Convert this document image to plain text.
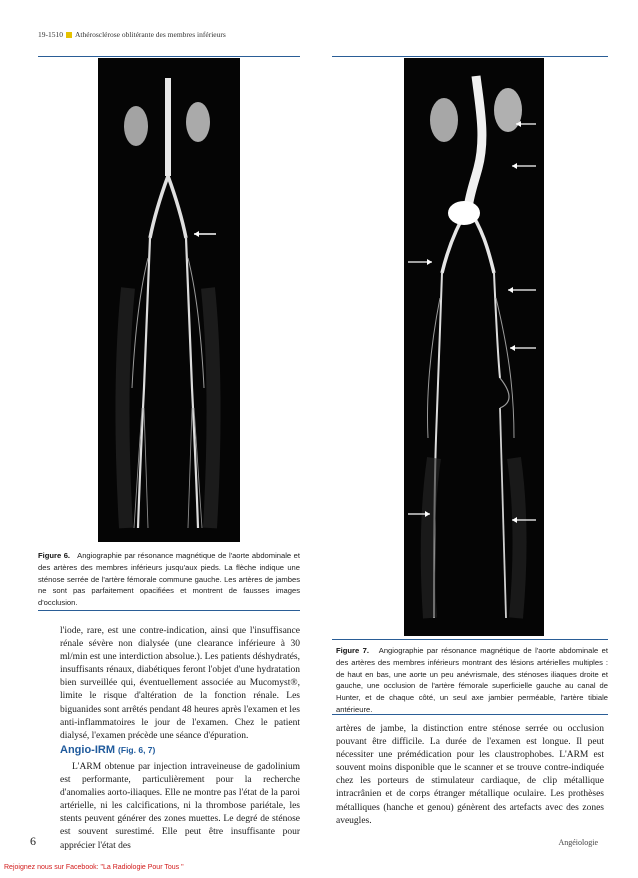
19-1510 Athérosclérose oblitérante des membres inférieurs
Figure 6. Angiographie par résonance magnétique de l'aorte abdominale et des artères des membres inférieurs jusqu'aux pieds. La flèche indique une sténose serrée de l'artère fémorale commune gauche. Les artères de jambes ne sont pas parfaitement opacifiées et montrent de fausses images d'occlusion.
Figure 7. Angiographie par résonance magnétique de l'aorte abdominale et des artères des membres inférieurs montrant des lésions artérielles multiples : de haut en bas, une aorte un peu anévrismale, des sténoses iliaques droite et gauche, une occlusion de l'artère fémorale superficielle gauche au canal de Hunter, et de chaque côté, un seul axe jambier perméable, l'artère tibiale antérieure.
l'iode, rare, est une contre-indication, ainsi que l'insuffisance rénale sévère non dialysée (une clearance inférieure à 30 ml/min est une interdiction absolue.). Les patients déshydratés, insuffisants rénaux, diabétiques feront l'objet d'une hydratation bien surveillée qui, éventuellement associée au Mucomyst®, limite le risque d'altération de la fonction rénale. Les biguanides sont arrêtés pendant 48 heures après l'examen et les anti-inflammatoires le jour de l'examen. Chez le patient dialysé, l'examen précède une séance d'épuration.
Angio-IRM (Fig. 6, 7)
L'ARM obtenue par injection intraveineuse de gadolinium est performante, particulièrement pour la recherche d'anomalies aorto-iliaques. Elle ne montre pas l'état de la paroi artérielle, ni les calcifications, ni la thrombose pariétale, les stents peuvent générer des zones muettes. Le degré de sténose est souvent surestimé. Elle peut être insuffisante pour apprécier l'état des
artères de jambe, la distinction entre sténose serrée ou occlusion pouvant être difficile. La durée de l'examen est longue. Il peut nécessiter une prémédication pour les claustrophobes. L'ARM est souvent moins disponible que le scanner et se trouve contre-indiquée chez les porteurs de stimulateur cardiaque, de clip métallique intracrânien et de corps étranger métallique oculaire. Les prothèses métalliques (hanche et genou) génèrent des artefacts avec des zones aveugles.
6	Angéiologie
Rejoignez nous sur Facebook: "La Radiologie Pour Tous "
